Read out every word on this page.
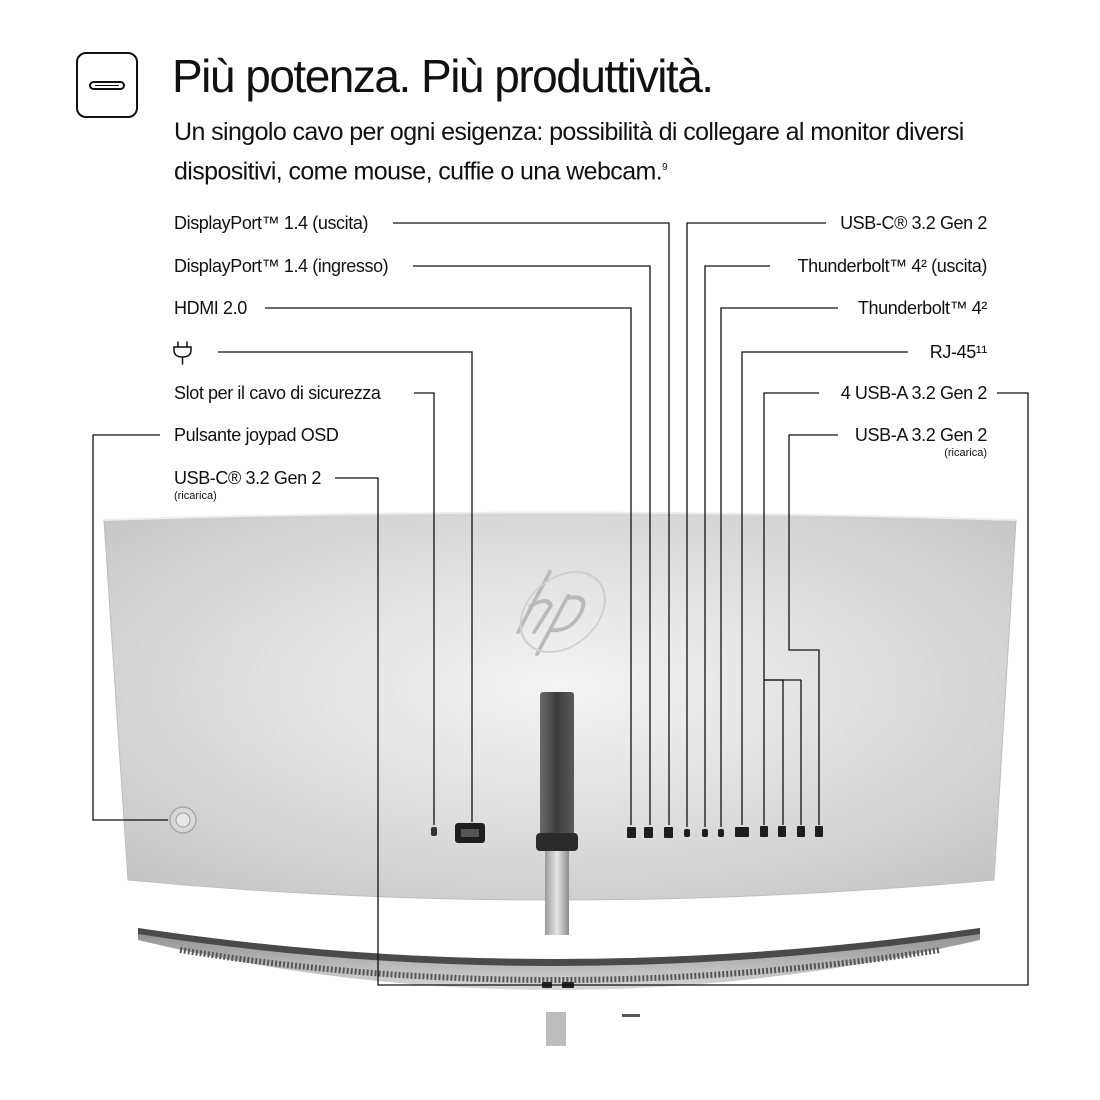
Più potenza. Più produttività.

Un singolo cavo per ogni esigenza: possibilità di collegare al monitor diversi dispositivi, come mouse, cuffie o una webcam.$^9$

DisplayPort™ 1.4 (uscita)
DisplayPort™ 1.4 (ingresso)
HDMI 2.0
Slot per il cavo di sicurezza
Pulsante joypad OSD
USB-C® 3.2 Gen 2
(ricarica)
USB-C® 3.2 Gen 2
Thunderbolt™ 4² (uscita)
Thunderbolt™ 4²
RJ-45¹¹
4 USB-A 3.2 Gen 2
USB-A 3.2 Gen 2
(ricarica)
